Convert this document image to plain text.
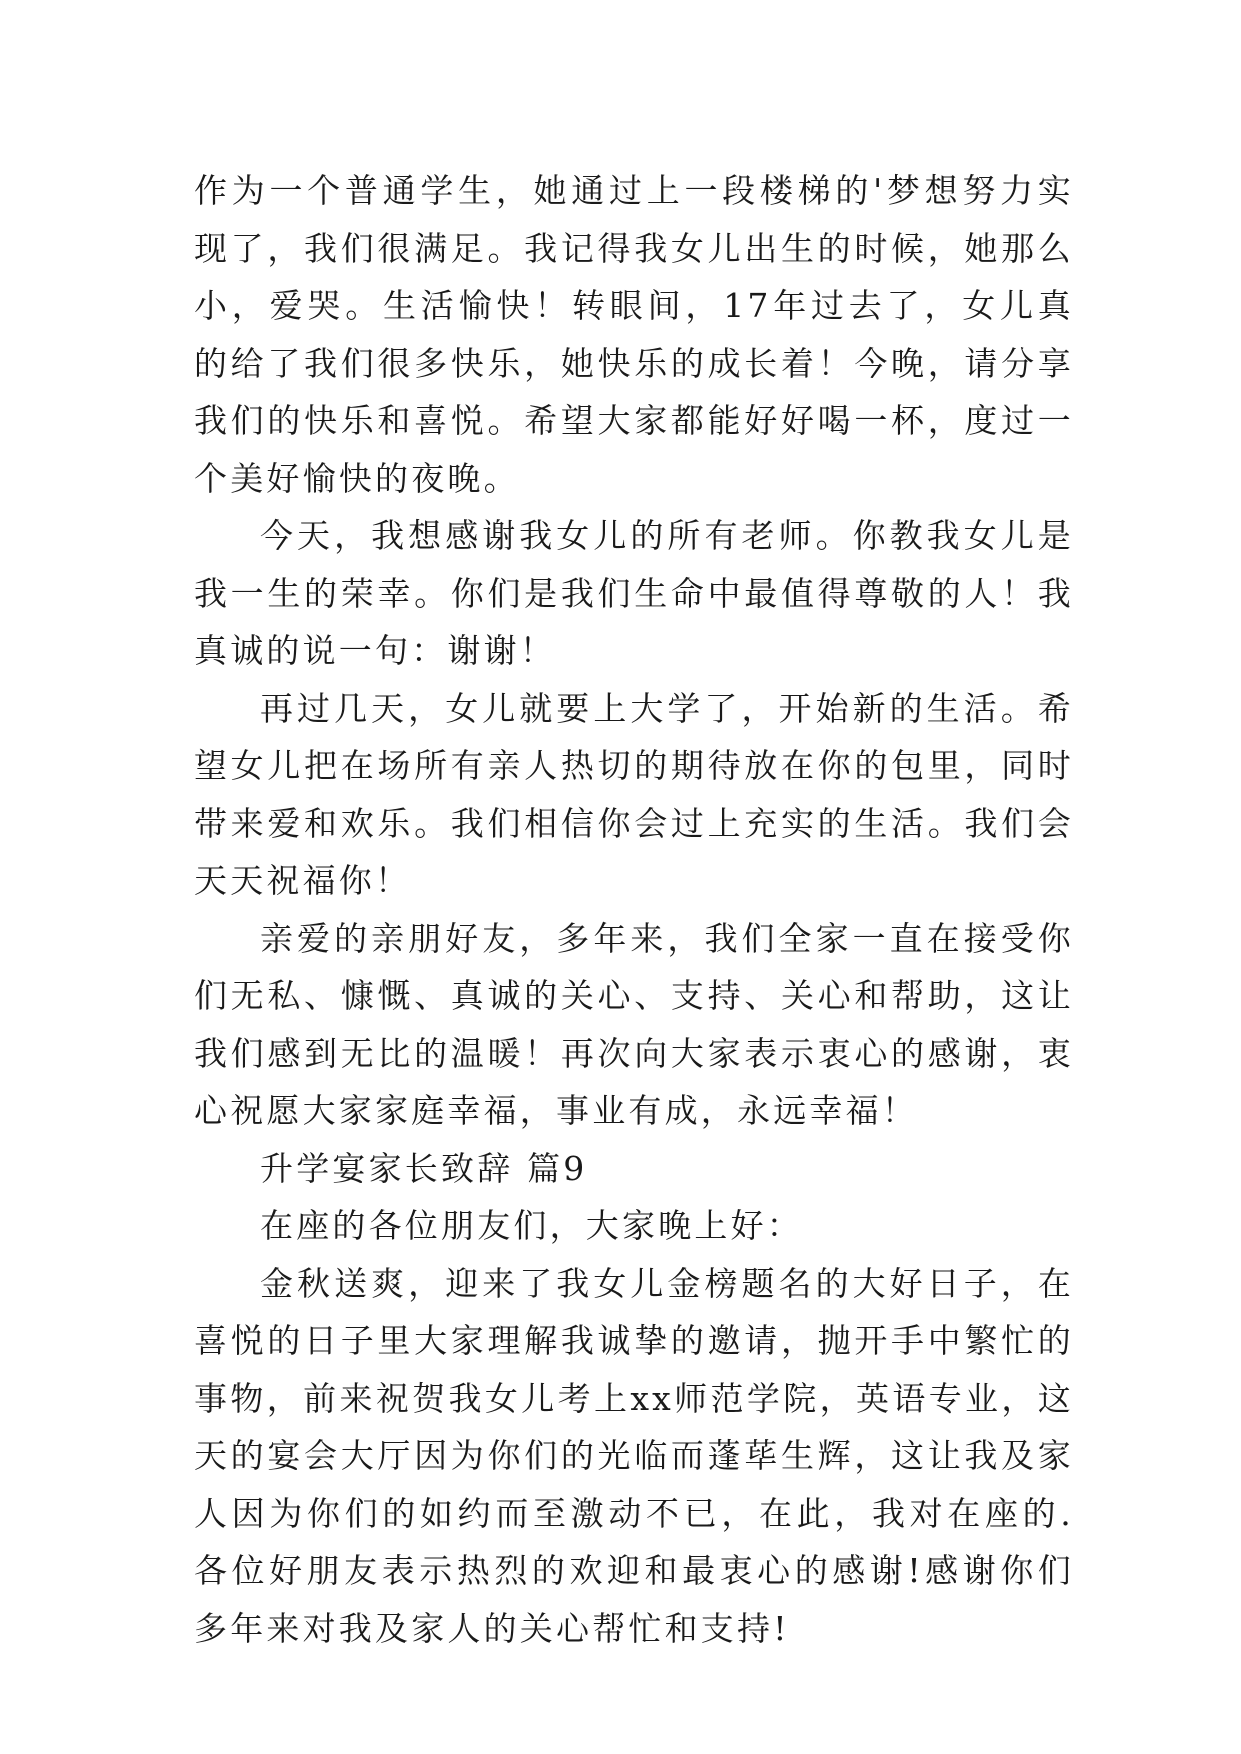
作为一个普通学生，她通过上一段楼梯的'梦想努力实现了，我们很满足。我记得我女儿出生的时候，她那么小，爱哭。生活愉快！转眼间，17年过去了，女儿真的给了我们很多快乐，她快乐的成长着！今晚，请分享我们的快乐和喜悦。希望大家都能好好喝一杯，度过一个美好愉快的夜晚。

今天，我想感谢我女儿的所有老师。你教我女儿是我一生的荣幸。你们是我们生命中最值得尊敬的人！我真诚的说一句：谢谢！

再过几天，女儿就要上大学了，开始新的生活。希望女儿把在场所有亲人热切的期待放在你的包里，同时带来爱和欢乐。我们相信你会过上充实的生活。我们会天天祝福你！

亲爱的亲朋好友，多年来，我们全家一直在接受你们无私、慷慨、真诚的关心、支持、关心和帮助，这让我们感到无比的温暖！再次向大家表示衷心的感谢，衷心祝愿大家家庭幸福，事业有成，永远幸福！

升学宴家长致辞 篇9

在座的各位朋友们，大家晚上好：

金秋送爽，迎来了我女儿金榜题名的大好日子，在喜悦的日子里大家理解我诚挚的邀请，抛开手中繁忙的事物，前来祝贺我女儿考上xx师范学院，英语专业，这天的宴会大厅因为你们的光临而蓬荜生辉，这让我及家人因为你们的如约而至激动不已，在此，我对在座的.各位好朋友表示热烈的欢迎和最衷心的感谢!感谢你们多年来对我及家人的关心帮忙和支持!
